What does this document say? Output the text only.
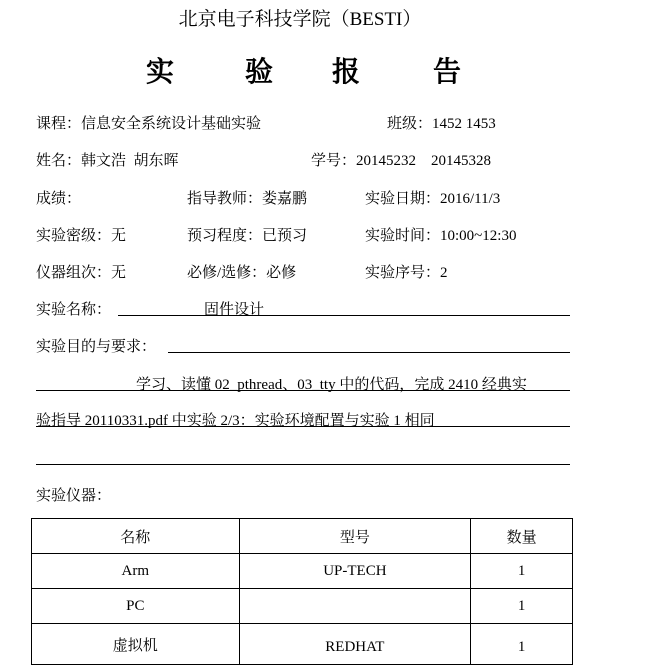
北京电子科技学院（BESTI）
实	验 报	告
课程：信息安全系统设计基础实验	班级：1452 1453
姓名：韩文浩  胡东晖	学号：20145232    20145328
成绩：	指导教师：娄嘉鹏	实验日期：2016/11/3
实验密级：无	预习程度：已预习	实验时间：10:00~12:30
仪器组次：无	必修/选修：必修	实验序号：2
实验名称：	固件设计
实验目的与要求：
学习、读懂 02_pthread、03_tty 中的代码，完成 2410 经典实
验指导 20110331.pdf 中实验 2/3：实验环境配置与实验 1 相同
实验仪器：
名称	型号	数量
Arm	UP-TECH	1
PC		1
虚拟机	REDHAT	1
